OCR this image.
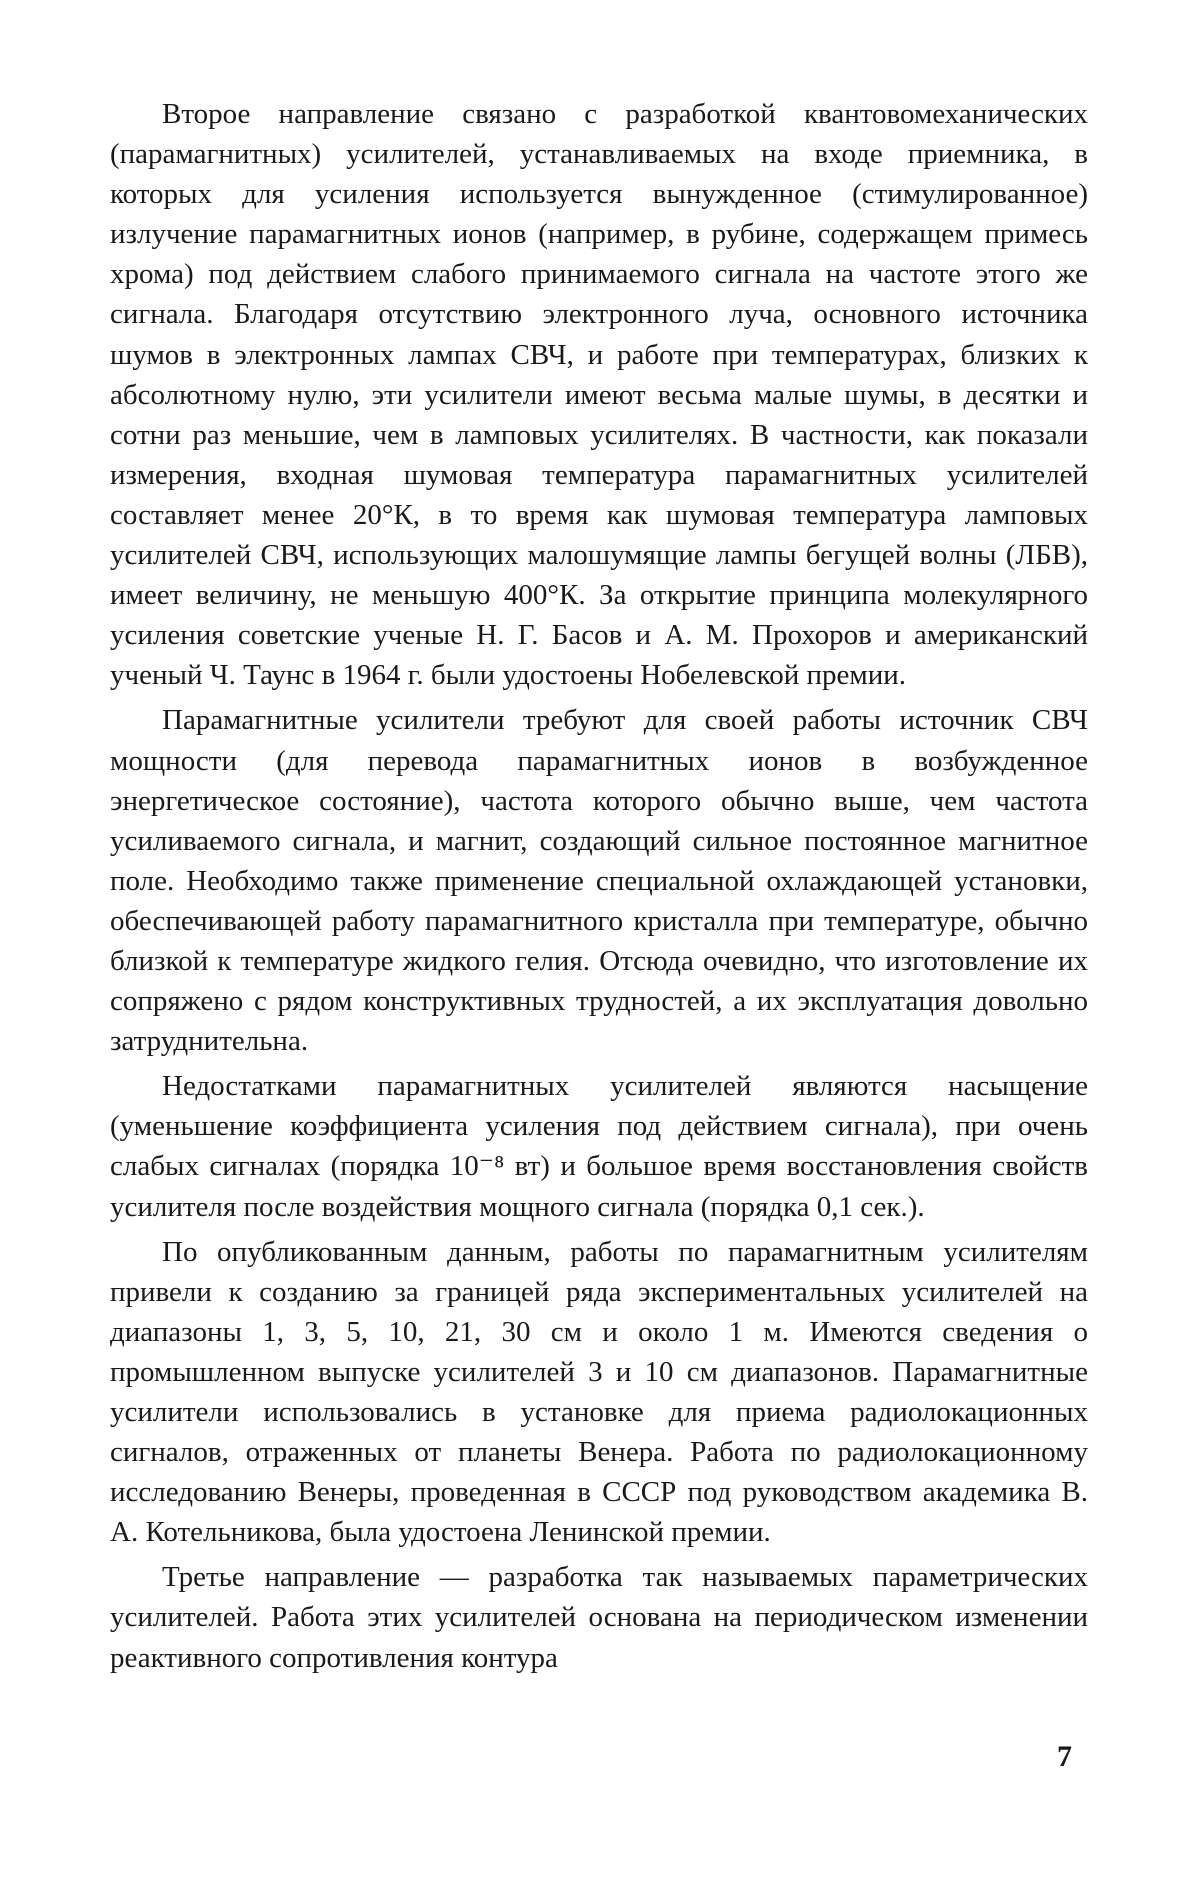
Второе направление связано с разработкой квантовомеханических (парамагнитных) усилителей, устанавливаемых на входе приемника, в которых для усиления используется вынужденное (стимулированное) излучение парамагнитных ионов (например, в рубине, содержащем примесь хрома) под действием слабого принимаемого сигнала на частоте этого же сигнала. Благодаря отсутствию электронного луча, основного источника шумов в электронных лампах СВЧ, и работе при температурах, близких к абсолютному нулю, эти усилители имеют весьма малые шумы, в десятки и сотни раз меньшие, чем в ламповых усилителях. В частности, как показали измерения, входная шумовая температура парамагнитных усилителей составляет менее 20°К, в то время как шумовая температура ламповых усилителей СВЧ, использующих малошумящие лампы бегущей волны (ЛБВ), имеет величину, не меньшую 400°К. За открытие принципа молекулярного усиления советские ученые Н. Г. Басов и А. М. Прохоров и американский ученый Ч. Таунс в 1964 г. были удостоены Нобелевской премии.

Парамагнитные усилители требуют для своей работы источник СВЧ мощности (для перевода парамагнитных ионов в возбужденное энергетическое состояние), частота которого обычно выше, чем частота усиливаемого сигнала, и магнит, создающий сильное постоянное магнитное поле. Необходимо также применение специальной охлаждающей установки, обеспечивающей работу парамагнитного кристалла при температуре, обычно близкой к температуре жидкого гелия. Отсюда очевидно, что изготовление их сопряжено с рядом конструктивных трудностей, а их эксплуатация довольно затруднительна.

Недостатками парамагнитных усилителей являются насыщение (уменьшение коэффициента усиления под действием сигнала), при очень слабых сигналах (порядка 10⁻⁸ вт) и большое время восстановления свойств усилителя после воздействия мощного сигнала (порядка 0,1 сек.).

По опубликованным данным, работы по парамагнитным усилителям привели к созданию за границей ряда экспериментальных усилителей на диапазоны 1, 3, 5, 10, 21, 30 см и около 1 м. Имеются сведения о промышленном выпуске усилителей 3 и 10 см диапазонов. Парамагнитные усилители использовались в установке для приема радиолокационных сигналов, отраженных от планеты Венера. Работа по радиолокационному исследованию Венеры, проведенная в СССР под руководством академика В. А. Котельникова, была удостоена Ленинской премии.

Третье направление — разработка так называемых параметрических усилителей. Работа этих усилителей основана на периодическом изменении реактивного сопротивления контура

7
